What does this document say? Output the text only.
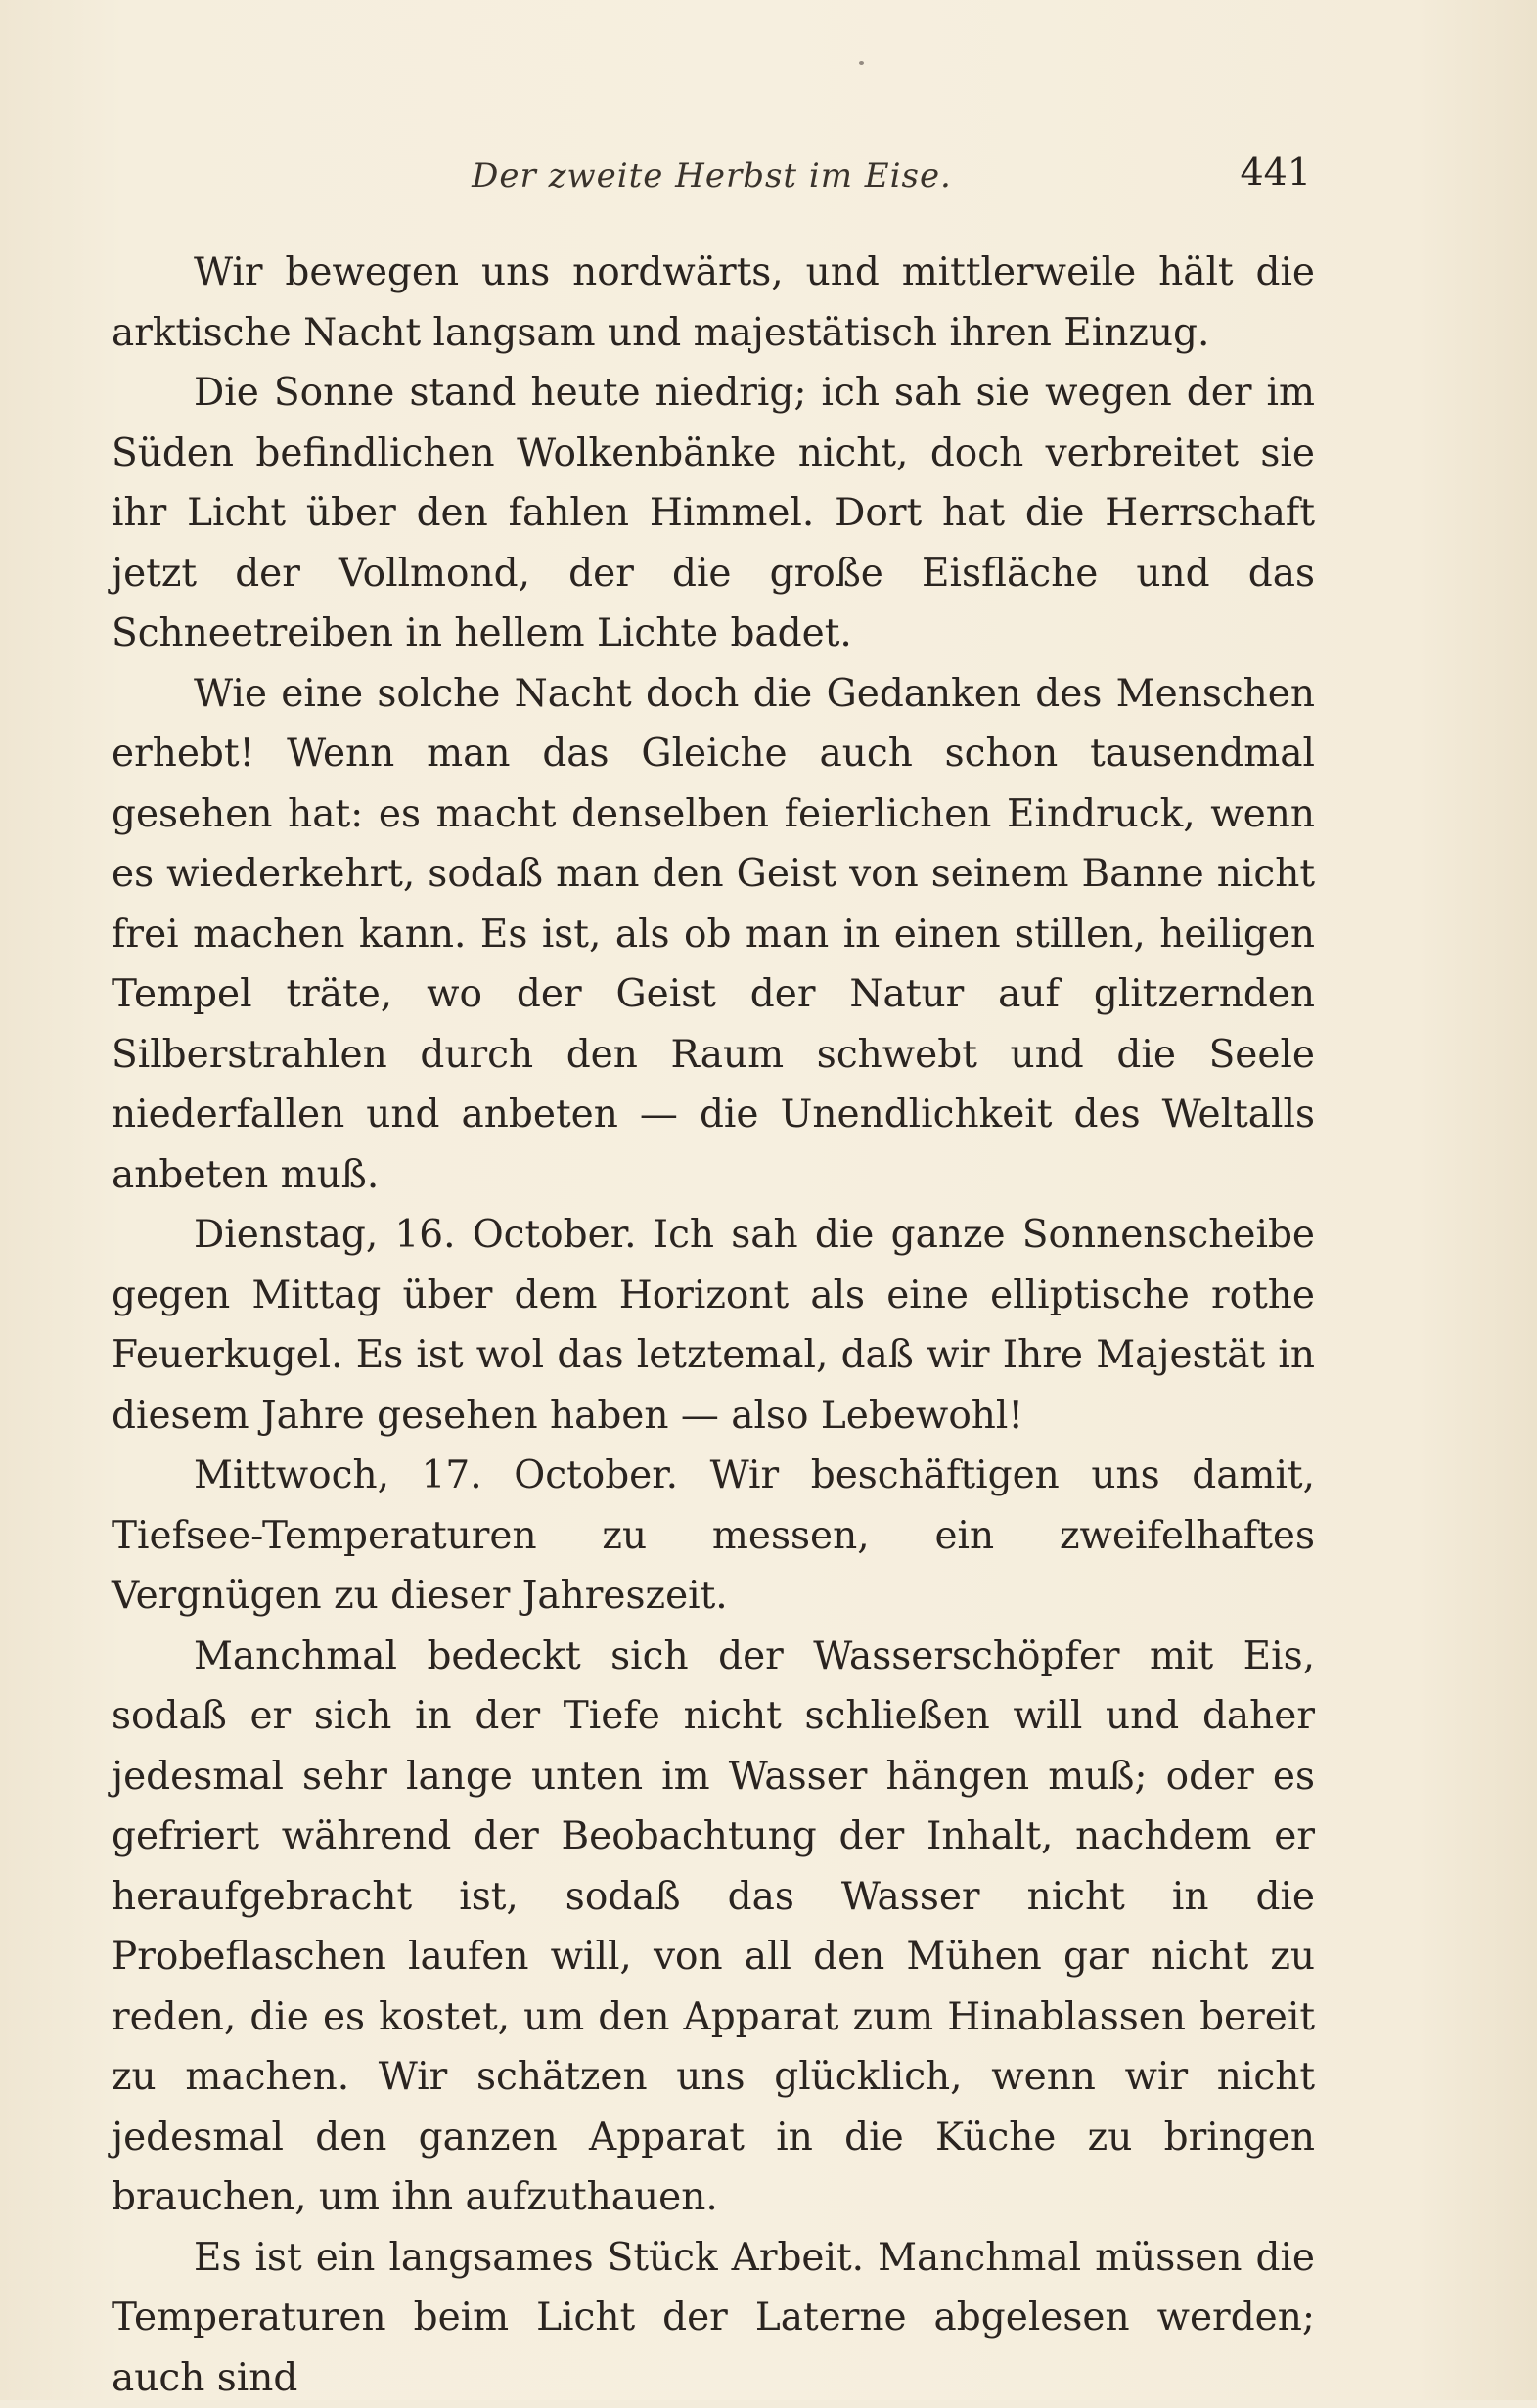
Der zweite Herbst im Eise.	441

Wir bewegen uns nordwärts, und mittlerweile hält die arktische Nacht langsam und majestätisch ihren Einzug.

Die Sonne stand heute niedrig; ich sah sie wegen der im Süden befindlichen Wolkenbänke nicht, doch verbreitet sie ihr Licht über den fahlen Himmel. Dort hat die Herrschaft jetzt der Vollmond, der die große Eisfläche und das Schneetreiben in hellem Lichte badet.

Wie eine solche Nacht doch die Gedanken des Menschen erhebt! Wenn man das Gleiche auch schon tausendmal gesehen hat: es macht denselben feierlichen Eindruck, wenn es wiederkehrt, sodaß man den Geist von seinem Banne nicht frei machen kann. Es ist, als ob man in einen stillen, heiligen Tempel träte, wo der Geist der Natur auf glitzernden Silberstrahlen durch den Raum schwebt und die Seele niederfallen und anbeten — die Unendlichkeit des Weltalls anbeten muß.

Dienstag, 16. October. Ich sah die ganze Sonnenscheibe gegen Mittag über dem Horizont als eine elliptische rothe Feuerkugel. Es ist wol das letztemal, daß wir Ihre Majestät in diesem Jahre gesehen haben — also Lebewohl!

Mittwoch, 17. October. Wir beschäftigen uns damit, Tiefsee-Temperaturen zu messen, ein zweifelhaftes Vergnügen zu dieser Jahreszeit.

Manchmal bedeckt sich der Wasserschöpfer mit Eis, sodaß er sich in der Tiefe nicht schließen will und daher jedesmal sehr lange unten im Wasser hängen muß; oder es gefriert während der Beobachtung der Inhalt, nachdem er heraufgebracht ist, sodaß das Wasser nicht in die Probeflaschen laufen will, von all den Mühen gar nicht zu reden, die es kostet, um den Apparat zum Hinablassen bereit zu machen. Wir schätzen uns glücklich, wenn wir nicht jedesmal den ganzen Apparat in die Küche zu bringen brauchen, um ihn aufzuthauen.

Es ist ein langsames Stück Arbeit. Manchmal müssen die Temperaturen beim Licht der Laterne abgelesen werden; auch sind
